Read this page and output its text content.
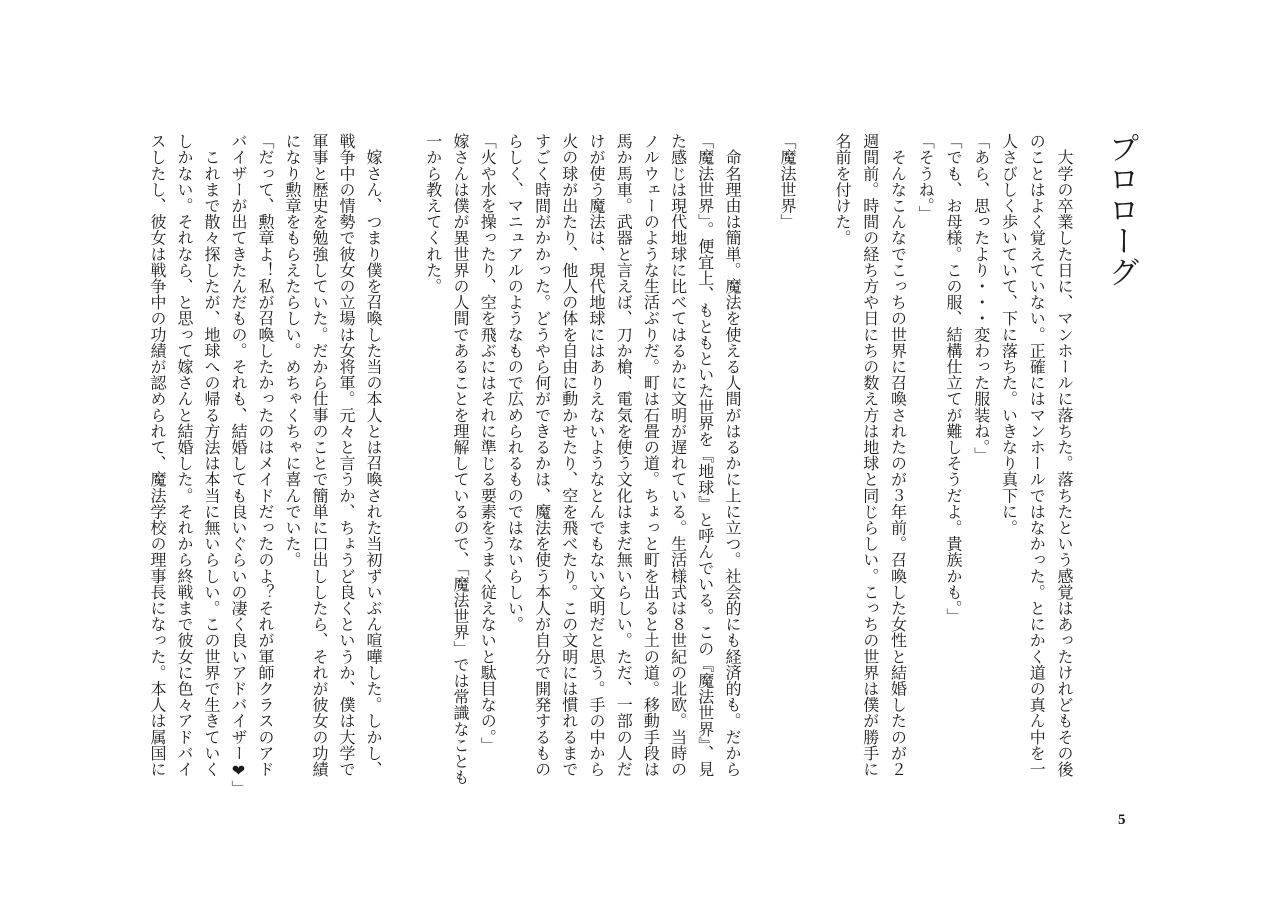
プロローグ
　大学の卒業した日に、マンホールに落ちた。落ちたという感覚はあったけれどもその後
のことはよく覚えていない。正確にはマンホールではなかった。とにかく道の真ん中を一
人さびしく歩いていて、下に落ちた。いきなり真下に。
「あら、思ったより・・・変わった服装ね。」
「でも、お母様。この服、結構仕立てが難しそうだよ。貴族かも。」
「そうね。」
　そんなこんなでこっちの世界に召喚されたのが３年前。召喚した女性と結婚したのが２
週間前。時間の経ち方や日にちの数え方は地球と同じらしい。こっちの世界は僕が勝手に
名前を付けた。
「魔法世界」
　命名理由は簡単。魔法を使える人間がはるかに上に立つ。社会的にも経済的も。だから
「魔法世界」。便宜上、もともといた世界を『地球』と呼んでいる。この『魔法世界』、見
た感じは現代地球に比べてはるかに文明が遅れている。生活様式は８世紀の北欧。当時の
ノルウェーのような生活ぶりだ。町は石畳の道。ちょっと町を出ると土の道。移動手段は
馬か馬車。武器と言えば、刀か槍、電気を使う文化はまだ無いらしい。ただ、一部の人だ
けが使う魔法は、現代地球にはありえないようなとんでもない文明だと思う。手の中から
火の球が出たり、他人の体を自由に動かせたり、空を飛べたり。この文明には慣れるまで
すごく時間がかかった。どうやら何ができるかは、魔法を使う本人が自分で開発するもの
らしく、マニュアルのようなもので広められるものではないらしい。
「火や水を操ったり、空を飛ぶにはそれに準じる要素をうまく従えないと駄目なの。」
嫁さんは僕が異世界の人間であることを理解しているので、「魔法世界」では常識なことも
一から教えてくれた。
　嫁さん、つまり僕を召喚した当の本人とは召喚された当初ずいぶん喧嘩した。しかし、
戦争中の情勢で彼女の立場は女将軍。元々と言うか、ちょうど良くというか、僕は大学で
軍事と歴史を勉強していた。だから仕事のことで簡単に口出ししたら、それが彼女の功績
になり勲章をもらえたらしい。めちゃくちゃに喜んでいた。
「だって、勲章よ！私が召喚したかったのはメイドだったのよ？それが軍師クラスのアド
バイザーが出てきたんだもの。それも、結婚しても良いぐらいの凄く良いアドバイザー❤」
　これまで散々探したが、地球への帰る方法は本当に無いらしい。この世界で生きていく
しかない。それなら、と思って嫁さんと結婚した。それから終戦まで彼女に色々アドバイ
スしたし、彼女は戦争中の功績が認められて、魔法学校の理事長になった。本人は属国に
5
